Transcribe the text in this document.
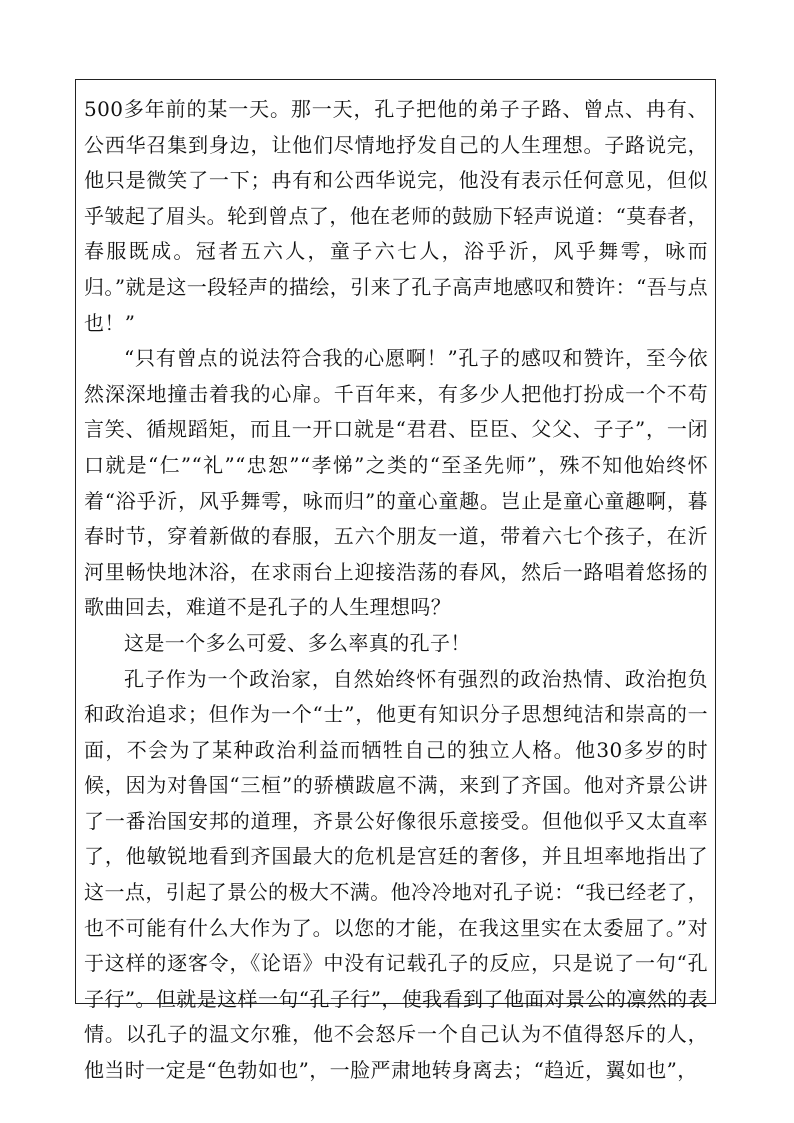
500多年前的某一天。那一天，孔子把他的弟子子路、曾点、冉有、公西华召集到身边，让他们尽情地抒发自己的人生理想。子路说完，他只是微笑了一下；冉有和公西华说完，他没有表示任何意见，但似乎皱起了眉头。轮到曾点了，他在老师的鼓励下轻声说道：“莫春者，春服既成。冠者五六人，童子六七人，浴乎沂，风乎舞雩，咏而归。”就是这一段轻声的描绘，引来了孔子高声地感叹和赞许：“吾与点也！”

“只有曾点的说法符合我的心愿啊！”孔子的感叹和赞许，至今依然深深地撞击着我的心扉。千百年来，有多少人把他打扮成一个不苟言笑、循规蹈矩，而且一开口就是“君君、臣臣、父父、子子”，一闭口就是“仁”“礼”“忠恕”“孝悌”之类的“至圣先师”，殊不知他始终怀着“浴乎沂，风乎舞雩，咏而归”的童心童趣。岂止是童心童趣啊，暮春时节，穿着新做的春服，五六个朋友一道，带着六七个孩子，在沂河里畅快地沐浴，在求雨台上迎接浩荡的春风，然后一路唱着悠扬的歌曲回去，难道不是孔子的人生理想吗？

这是一个多么可爱、多么率真的孔子！

孔子作为一个政治家，自然始终怀有强烈的政治热情、政治抱负和政治追求；但作为一个“士”，他更有知识分子思想纯洁和崇高的一面，不会为了某种政治利益而牺牲自己的独立人格。他30多岁的时候，因为对鲁国“三桓”的骄横跋扈不满，来到了齐国。他对齐景公讲了一番治国安邦的道理，齐景公好像很乐意接受。但他似乎又太直率了，他敏锐地看到齐国最大的危机是宫廷的奢侈，并且坦率地指出了这一点，引起了景公的极大不满。他冷冷地对孔子说：“我已经老了，也不可能有什么大作为了。以您的才能，在我这里实在太委屈了。”对于这样的逐客令，《论语》中没有记载孔子的反应，只是说了一句“孔子行”。但就是这样一句“孔子行”，使我看到了他面对景公的凛然的表情。以孔子的温文尔雅，他不会怒斥一个自己认为不值得怒斥的人，他当时一定是“色勃如也”，一脸严肃地转身离去；“趋近，翼如也”，
